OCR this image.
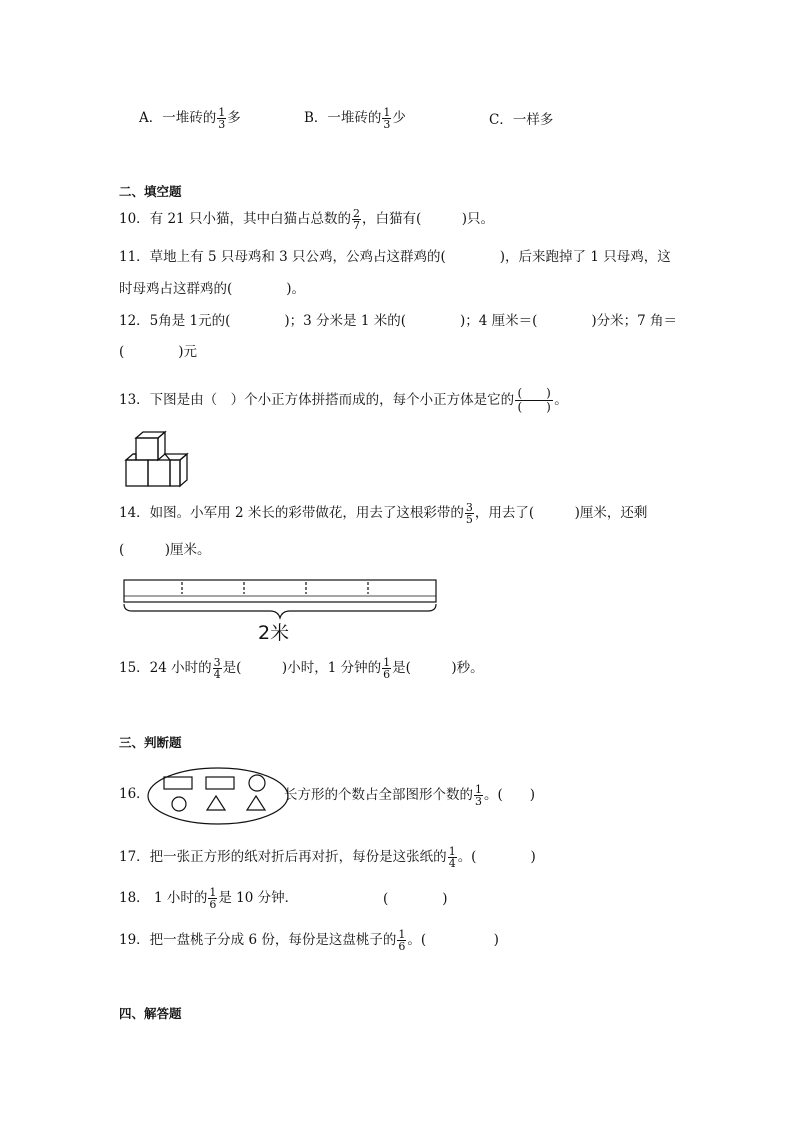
A．一堆砖的 $\frac{1}{3}$ 多	B．一堆砖的 $\frac{1}{3}$ 少	C．一样多
二、填空题
10．有 21 只小猫，其中白猫占总数的 $\frac{2}{7}$ ，白猫有(　　　)只。
11．草地上有 5 只母鸡和 3 只公鸡，公鸡占这群鸡的(　　　　)，后来跑掉了 1 只母鸡，这
时母鸡占这群鸡的(　　　　)。
12．5角是 1元的(　　　　)；3 分米是 1 米的(　　　　)；4 厘米＝(　　　　)分米；7 角＝
(　　　　)元
13．下图是由（　）个小正方体拼搭而成的，每个小正方体是它的 $\frac{( )}{( )}$ 。
14．如图。小军用 2 米长的彩带做花，用去了这根彩带的 $\frac{3}{5}$ ，用去了(　　　)厘米，还剩
(　　　)厘米。
2米
15．24 小时的 $\frac{3}{4}$ 是(　　　)小时，1 分钟的 $\frac{1}{6}$ 是(　　　)秒。
三、判断题
16．	长方形的个数占全部图形个数的 $\frac{1}{3}$ 。(　　)
17．把一张正方形的纸对折后再对折，每份是这张纸的 $\frac{1}{4}$ 。(　　　　)
18． 1 小时的 $\frac{1}{6}$ 是 10 分钟．	(　　　　)
19．把一盘桃子分成 6 份，每份是这盘桃子的 $\frac{1}{6}$ 。(　　　　　)
四、解答题
